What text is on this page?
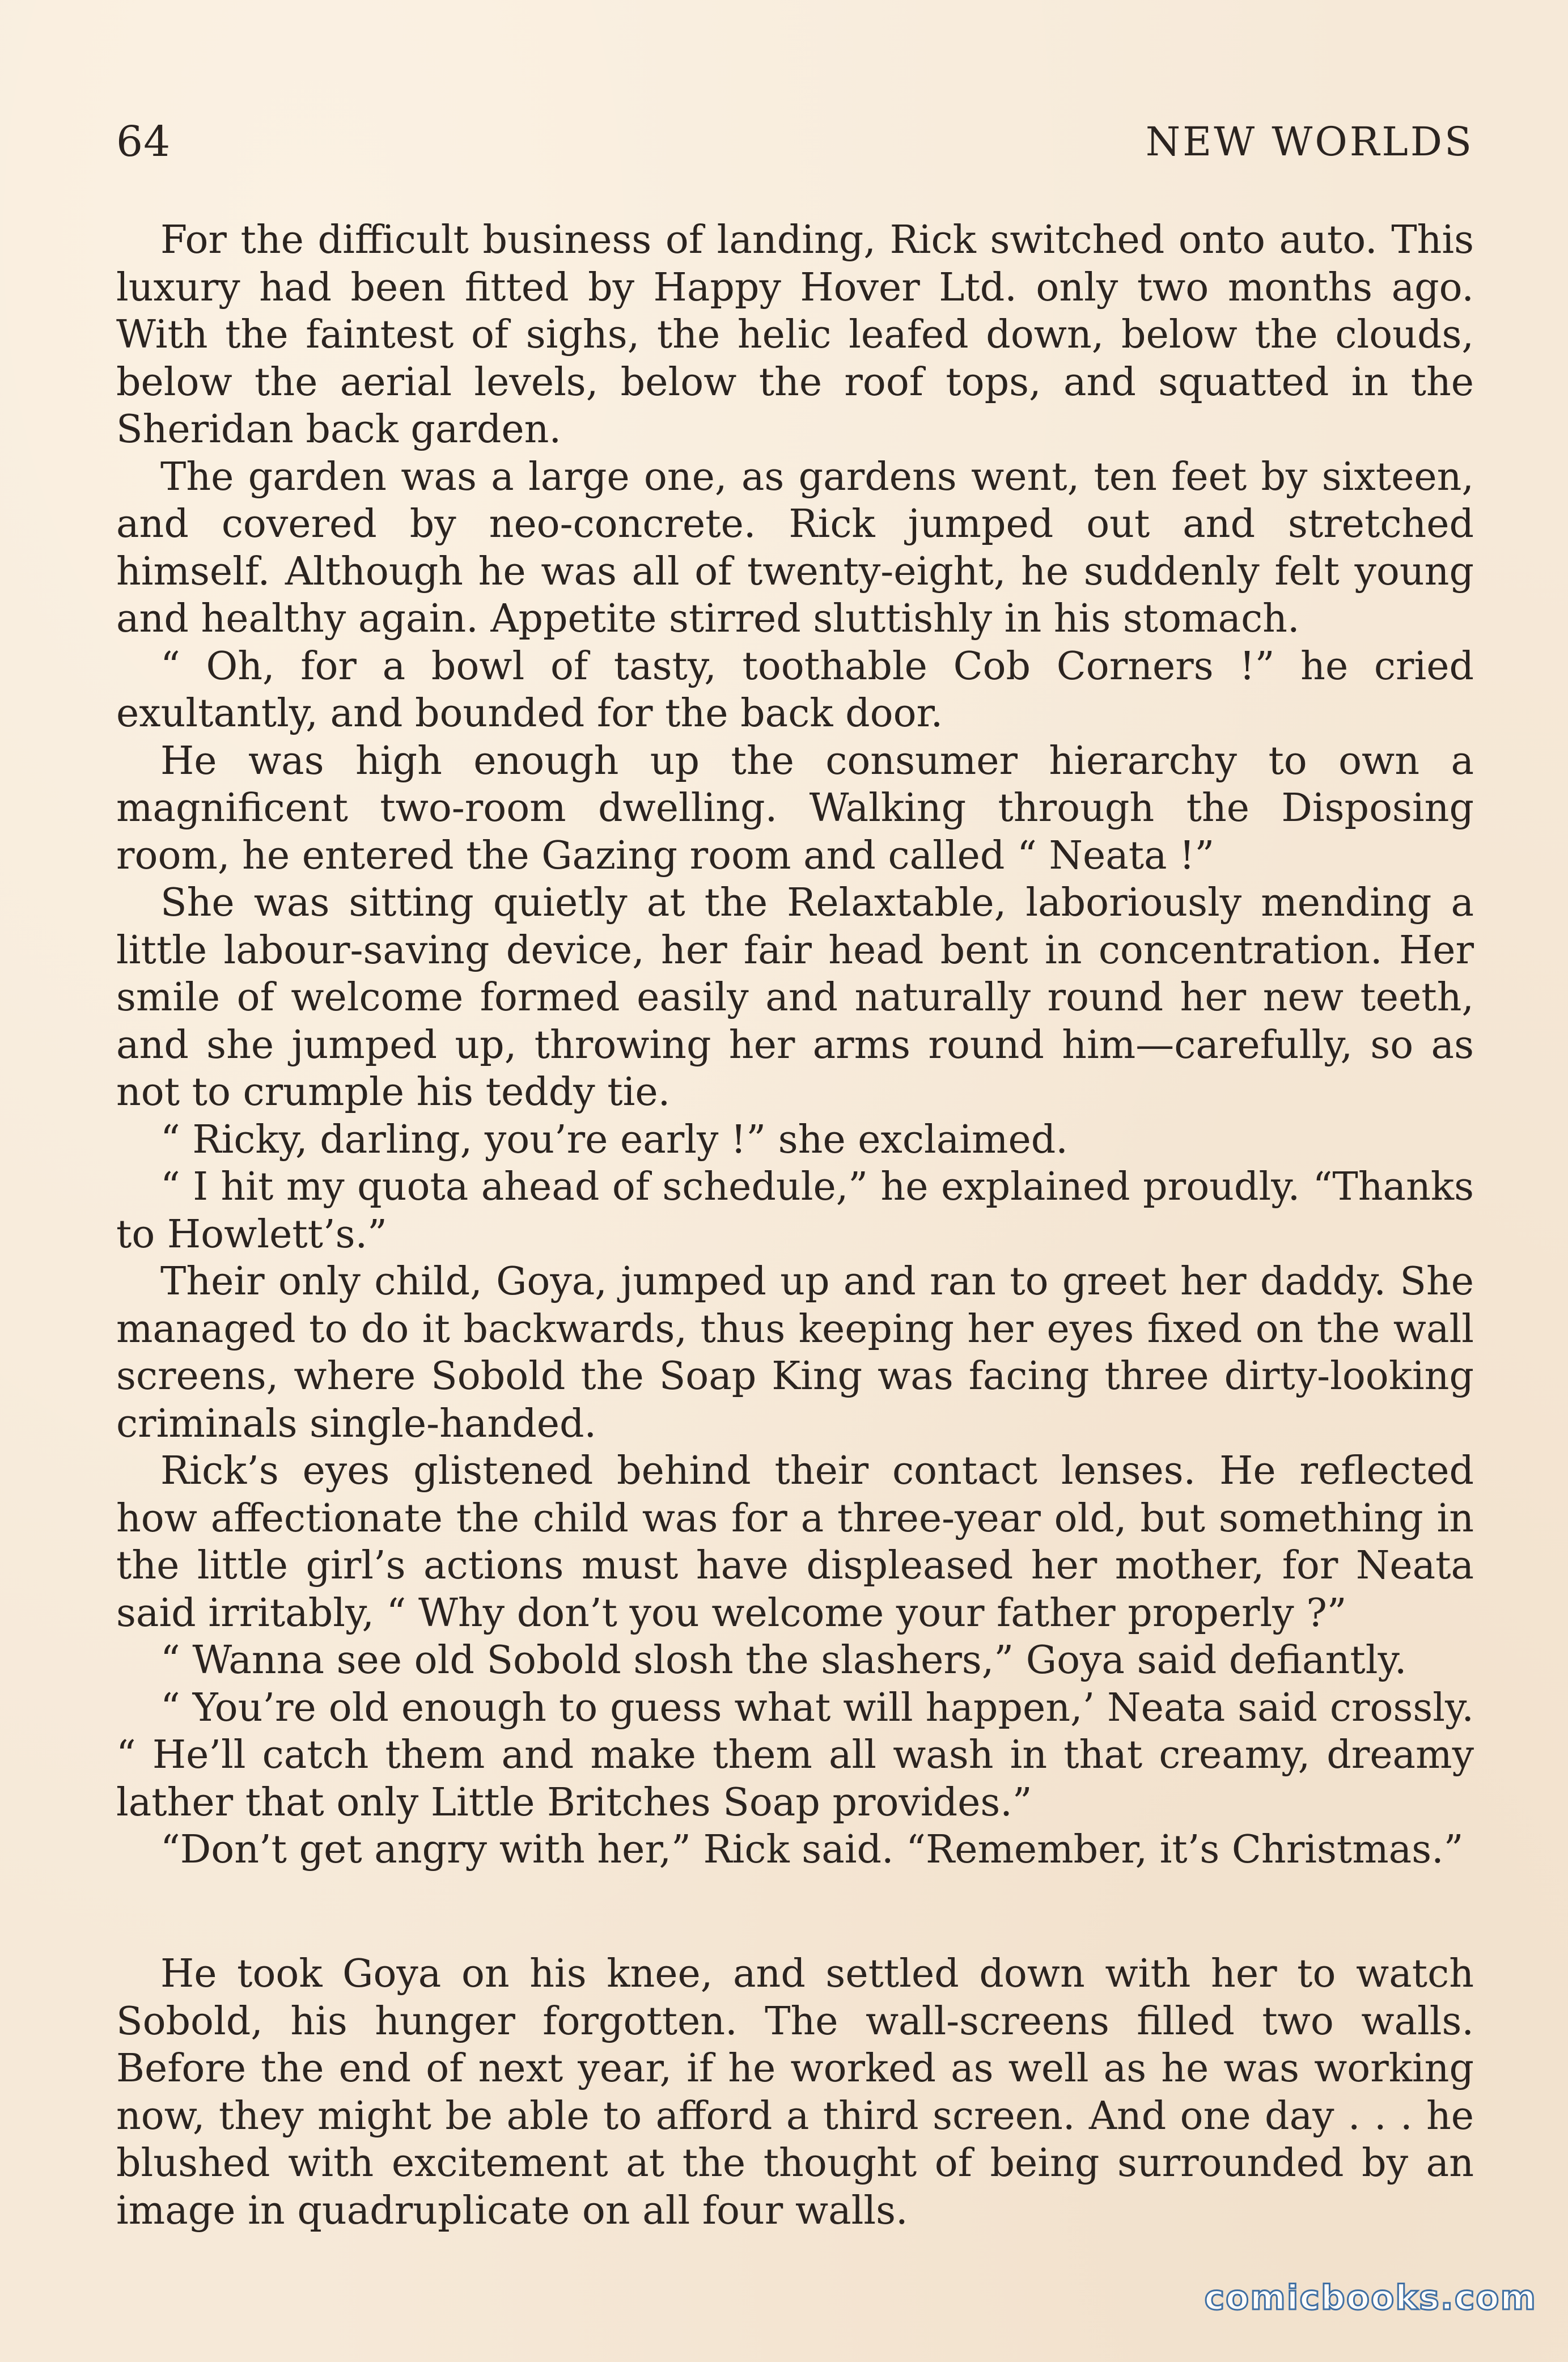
64	NEW WORLDS

For the difficult business of landing, Rick switched onto auto. This luxury had been fitted by Happy Hover Ltd. only two months ago. With the faintest of sighs, the helic leafed down, below the clouds, below the aerial levels, below the roof tops, and squatted in the Sheridan back garden.

The garden was a large one, as gardens went, ten feet by sixteen, and covered by neo-concrete. Rick jumped out and stretched himself. Although he was all of twenty-eight, he suddenly felt young and healthy again. Appetite stirred sluttishly in his stomach.

“ Oh, for a bowl of tasty, toothable Cob Corners !” he cried exultantly, and bounded for the back door.

He was high enough up the consumer hierarchy to own a magnificent two-room dwelling. Walking through the Disposing room, he entered the Gazing room and called “ Neata !”

She was sitting quietly at the Relaxtable, laboriously mending a little labour-saving device, her fair head bent in concentration. Her smile of welcome formed easily and naturally round her new teeth, and she jumped up, throwing her arms round him—carefully, so as not to crumple his teddy tie.

“ Ricky, darling, you’re early !” she exclaimed.

“ I hit my quota ahead of schedule,” he explained proudly. “Thanks to Howlett’s.”

Their only child, Goya, jumped up and ran to greet her daddy. She managed to do it backwards, thus keeping her eyes fixed on the wall screens, where Sobold the Soap King was facing three dirty-looking criminals single-handed.

Rick’s eyes glistened behind their contact lenses. He reflected how affectionate the child was for a three-year old, but something in the little girl’s actions must have displeased her mother, for Neata said irritably, “ Why don’t you welcome your father properly ?”

“ Wanna see old Sobold slosh the slashers,” Goya said defiantly.

“ You’re old enough to guess what will happen,’ Neata said crossly. “ He’ll catch them and make them all wash in that creamy, dreamy lather that only Little Britches Soap provides.”

“Don’t get angry with her,” Rick said. “Remember, it’s Christmas.”

He took Goya on his knee, and settled down with her to watch Sobold, his hunger forgotten. The wall-screens filled two walls. Before the end of next year, if he worked as well as he was working now, they might be able to afford a third screen. And one day . . . he blushed with excitement at the thought of being surrounded by an image in quadruplicate on all four walls.

comicbooks.com
